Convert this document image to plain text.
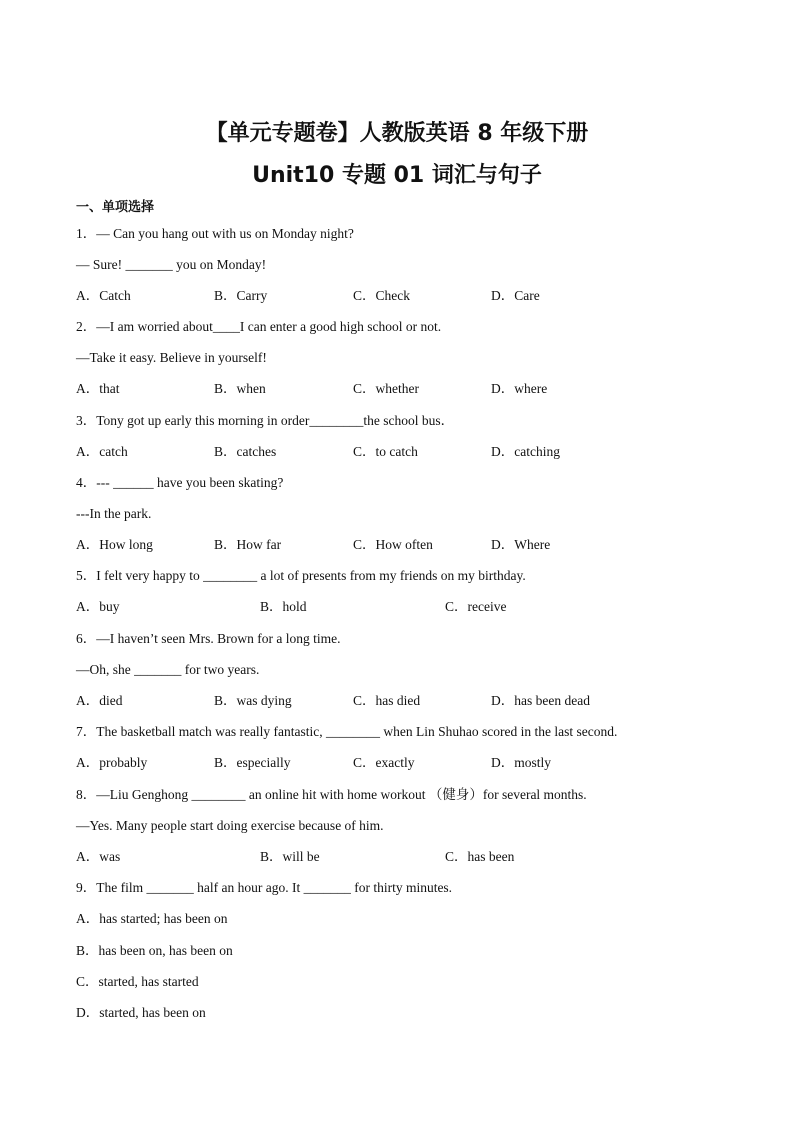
【单元专题卷】人教版英语 8 年级下册
Unit10 专题 01 词汇与句子
一、单项选择
1．— Can you hang out with us on Monday night?
— Sure! _______ you on Monday!
A．Catch	B．Carry	C．Check	D．Care
2．—I am worried about____I can enter a good high school or not.
—Take it easy. Believe in yourself!
A．that	B．when	C．whether	D．where
3．Tony got up early this morning in order________the school bus．
A．catch	B．catches	C．to catch	D．catching
4．--- ______ have you been skating?
---In the park.
A．How long	B．How far	C．How often	D．Where
5．I felt very happy to ________ a lot of presents from my friends on my birthday.
A．buy	B．hold	C．receive
6．—I haven’t seen Mrs. Brown for a long time.
—Oh, she _______ for two years.
A．died	B．was dying	C．has died	D．has been dead
7．The basketball match was really fantastic, ________ when Lin Shuhao scored in the last second.
A．probably	B．especially	C．exactly	D．mostly
8．—Liu Genghong ________ an online hit with home workout （健身）for several months.
—Yes. Many people start doing exercise because of him.
A．was	B．will be	C．has been
9．The film _______ half an hour ago. It _______ for thirty minutes.
A．has started; has been on
B．has been on, has been on
C．started, has started
D．started, has been on
